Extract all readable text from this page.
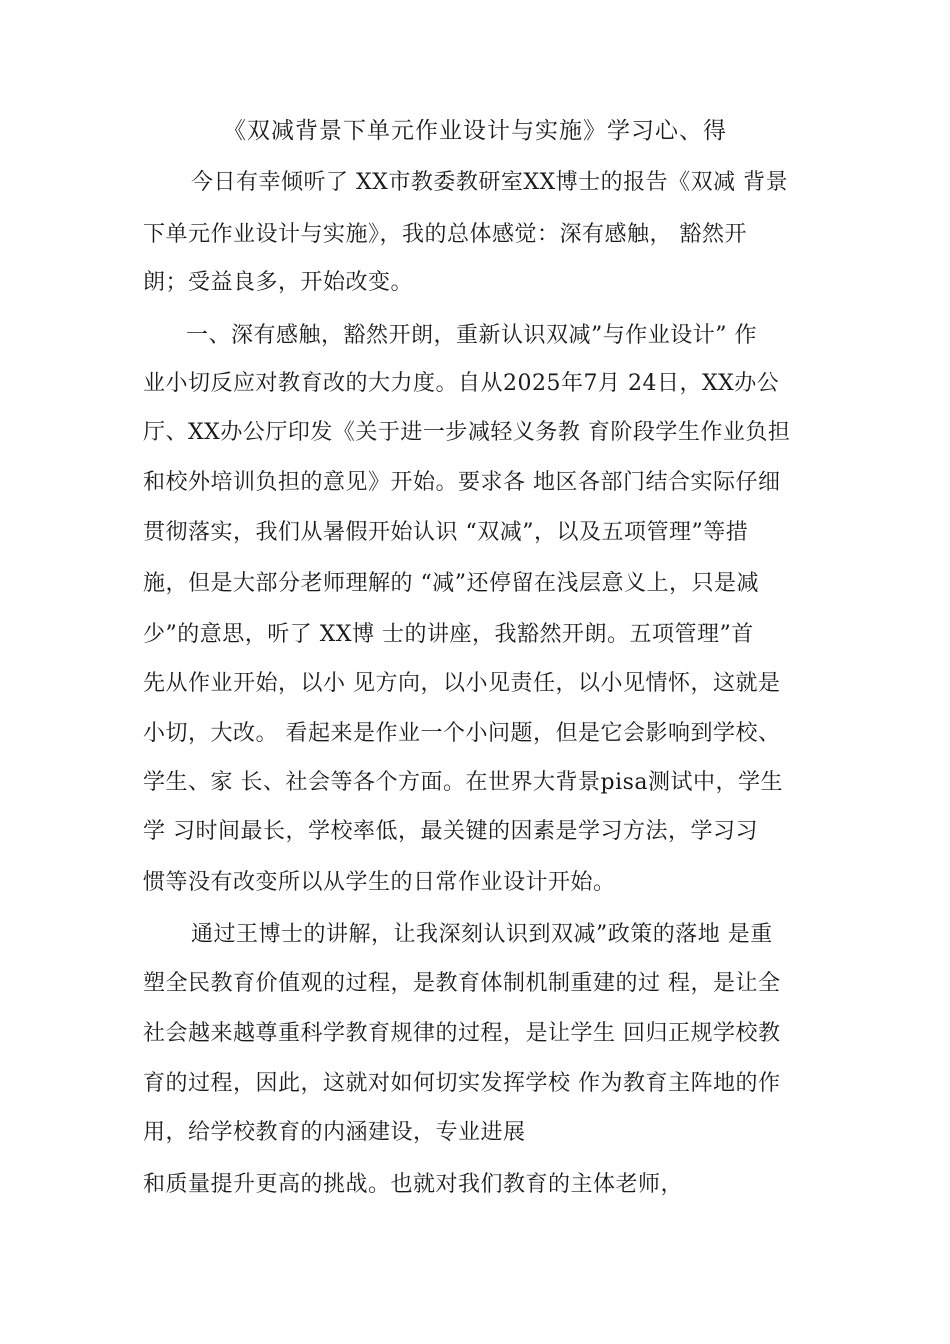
《双减背景下单元作业设计与实施》学习心、得
今日有幸倾听了 XX市教委教研室XX博士的报告《双减 背景
下单元作业设计与实施》，我的总体感觉：深有感触， 豁然开
朗；受益良多，开始改变。
一、深有感触，豁然开朗，重新认识双减”与作业设计” 作
业小切反应对教育改的大力度。自从2025年7月 24日，XX办公
厅、XX办公厅印发《关于进一步减轻义务教 育阶段学生作业负担
和校外培训负担的意见》开始。要求各 地区各部门结合实际仔细
贯彻落实，我们从暑假开始认识 “双减”，以及五项管理”等措
施，但是大部分老师理解的 “减”还停留在浅层意义上，只是减
少”的意思，听了 XX博 士的讲座，我豁然开朗。五项管理”首
先从作业开始，以小 见方向，以小见责任，以小见情怀，这就是
小切，大改。 看起来是作业一个小问题，但是它会影响到学校、
学生、家 长、社会等各个方面。在世界大背景pisa测试中，学生
学 习时间最长，学校率低，最关键的因素是学习方法，学习习
惯等没有改变所以从学生的日常作业设计开始。
通过王博士的讲解，让我深刻认识到双减”政策的落地 是重
塑全民教育价值观的过程，是教育体制机制重建的过 程，是让全
社会越来越尊重科学教育规律的过程，是让学生 回归正规学校教
育的过程，因此，这就对如何切实发挥学校 作为教育主阵地的作
用，给学校教育的内涵建设，专业进展
和质量提升更高的挑战。也就对我们教育的主体老师，
